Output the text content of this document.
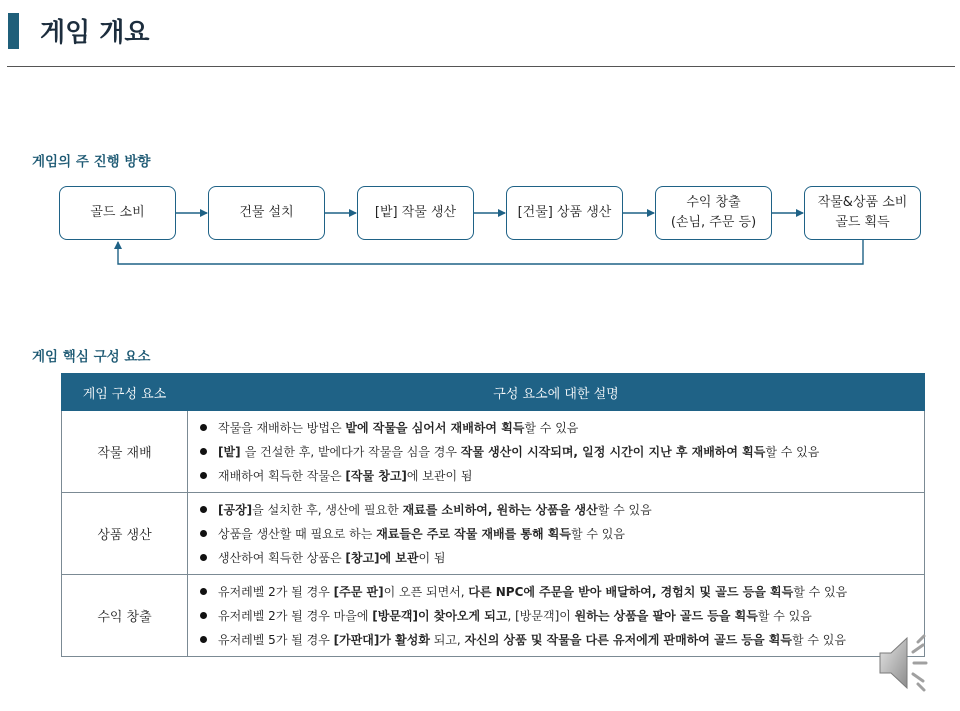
게임 개요
게임의 주 진행 방향
골드 소비	건물 설치	[밭] 작물 생산	[건물] 상품 생산
수익 창출
(손님, 주문 등)
작물&상품 소비
골드 획득
게임 핵심 구성 요소
게임 구성 요소	구성 요소에 대한 설명
작물 재배	작물을 재배하는 방법은 밭에 작물을 심어서 재배하여 획득할 수 있음
[밭] 을 건설한 후, 밭에다가 작물을 심을 경우 작물 생산이 시작되며, 일정 시간이 지난 후 재배하여 획득할 수 있음
재배하여 획득한 작물은 [작물 창고]에 보관이 됨

상품 생산	[공장]을 설치한 후, 생산에 필요한 재료를 소비하여, 원하는 상품을 생산할 수 있음
상품을 생산할 때 필요로 하는 재료들은 주로 작물 재배를 통해 획득할 수 있음
생산하여 획득한 상품은 [창고]에 보관이 됨

수익 창출	유저레벨 2가 될 경우 [주문 판]이 오픈 되면서, 다른 NPC에 주문을 받아 배달하여, 경험치 및 골드 등을 획득할 수 있음
유저레벨 2가 될 경우 마을에 [방문객]이 찾아오게 되고, [방문객]이 원하는 상품을 팔아 골드 등을 획득할 수 있음
유저레벨 5가 될 경우 [가판대]가 활성화 되고, 자신의 상품 및 작물을 다른 유저에게 판매하여 골드 등을 획득할 수 있음
